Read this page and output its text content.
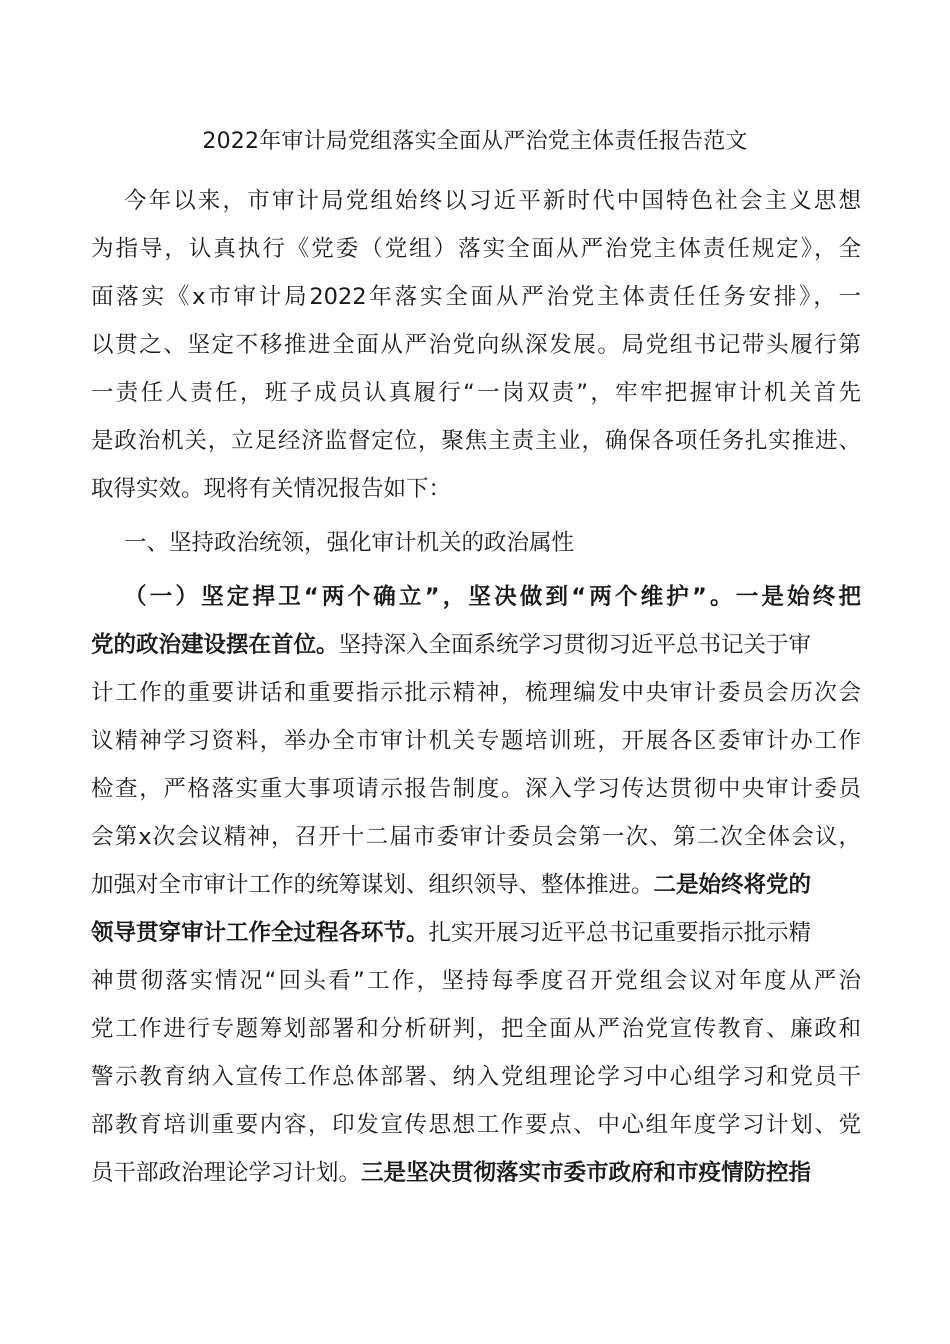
2022年审计局党组落实全面从严治党主体责任报告范文
今年以来，市审计局党组始终以习近平新时代中国特色社会主义思想
为指导，认真执行《党委（党组）落实全面从严治党主体责任规定》，全
面落实《x市审计局2022年落实全面从严治党主体责任任务安排》，一
以贯之、坚定不移推进全面从严治党向纵深发展。局党组书记带头履行第
一责任人责任，班子成员认真履行“一岗双责”，牢牢把握审计机关首先
是政治机关，立足经济监督定位，聚焦主责主业，确保各项任务扎实推进、
取得实效。现将有关情况报告如下：
一、坚持政治统领，强化审计机关的政治属性
（一）坚定捍卫“两个确立”，坚决做到“两个维护”。一是始终把
党的政治建设摆在首位。坚持深入全面系统学习贯彻习近平总书记关于审
计工作的重要讲话和重要指示批示精神，梳理编发中央审计委员会历次会
议精神学习资料，举办全市审计机关专题培训班，开展各区委审计办工作
检查，严格落实重大事项请示报告制度。深入学习传达贯彻中央审计委员
会第x次会议精神，召开十二届市委审计委员会第一次、第二次全体会议，
加强对全市审计工作的统筹谋划、组织领导、整体推进。二是始终将党的
领导贯穿审计工作全过程各环节。扎实开展习近平总书记重要指示批示精
神贯彻落实情况“回头看”工作，坚持每季度召开党组会议对年度从严治
党工作进行专题筹划部署和分析研判，把全面从严治党宣传教育、廉政和
警示教育纳入宣传工作总体部署、纳入党组理论学习中心组学习和党员干
部教育培训重要内容，印发宣传思想工作要点、中心组年度学习计划、党
员干部政治理论学习计划。三是坚决贯彻落实市委市政府和市疫情防控指
